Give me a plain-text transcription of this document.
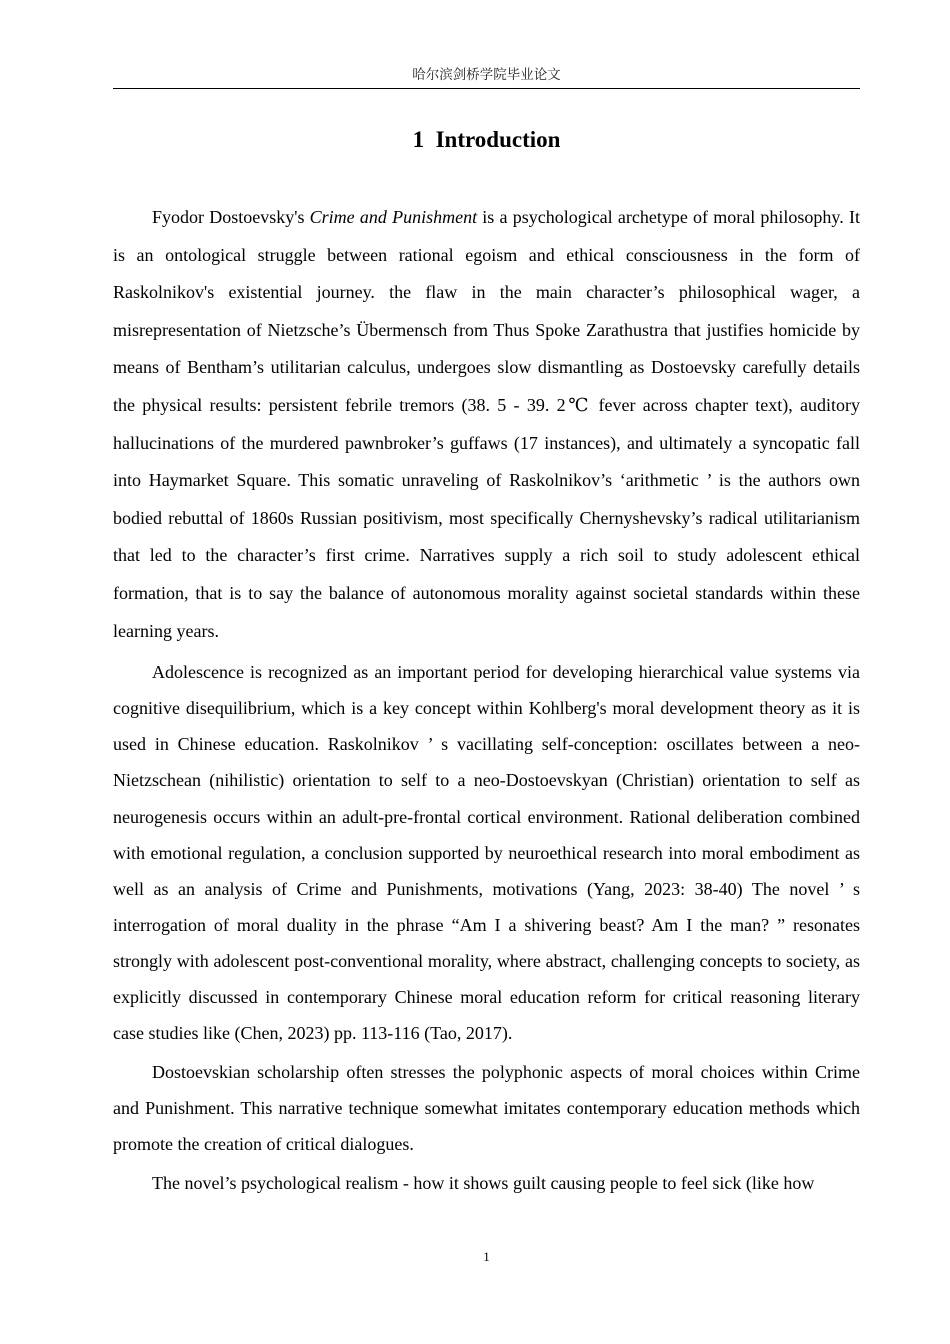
哈尔滨剑桥学院毕业论文
1  Introduction

Fyodor Dostoevsky's Crime and Punishment is a psychological archetype of moral philosophy. It is an ontological struggle between rational egoism and ethical consciousness in the form of Raskolnikov's existential journey. the flaw in the main character’s philosophical wager, a misrepresentation of Nietzsche’s Übermensch from Thus Spoke Zarathustra that justifies homicide by means of Bentham’s utilitarian calculus, undergoes slow dismantling as Dostoevsky carefully details the physical results: persistent febrile tremors (38. 5 - 39. 2℃ fever across chapter text), auditory hallucinations of the murdered pawnbroker’s guffaws (17 instances), and ultimately a syncopatic fall into Haymarket Square. This somatic unraveling of Raskolnikov’s ‘arithmetic ’ is the authors own bodied rebuttal of 1860s Russian positivism, most specifically Chernyshevsky’s radical utilitarianism that led to the character’s first crime. Narratives supply a rich soil to study adolescent ethical formation, that is to say the balance of autonomous morality against societal standards within these learning years.

Adolescence is recognized as an important period for developing hierarchical value systems via cognitive disequilibrium, which is a key concept within Kohlberg's moral development theory as it is used in Chinese education. Raskolnikov ’ s vacillating self-conception: oscillates between a neo-Nietzschean (nihilistic) orientation to self to a neo-Dostoevskyan (Christian) orientation to self as neurogenesis occurs within an adult-pre-frontal cortical environment. Rational deliberation combined with emotional regulation, a conclusion supported by neuroethical research into moral embodiment as well as an analysis of Crime and Punishments, motivations (Yang, 2023: 38-40) The novel ’ s interrogation of moral duality in the phrase “Am I a shivering beast? Am I the man? ” resonates strongly with adolescent post-conventional morality, where abstract, challenging concepts to society, as explicitly discussed in contemporary Chinese moral education reform for critical reasoning literary case studies like (Chen, 2023) pp. 113-116 (Tao, 2017).

Dostoevskian scholarship often stresses the polyphonic aspects of moral choices within Crime and Punishment. This narrative technique somewhat imitates contemporary education methods which promote the creation of critical dialogues.

The novel’s psychological realism - how it shows guilt causing people to feel sick (like how

1
